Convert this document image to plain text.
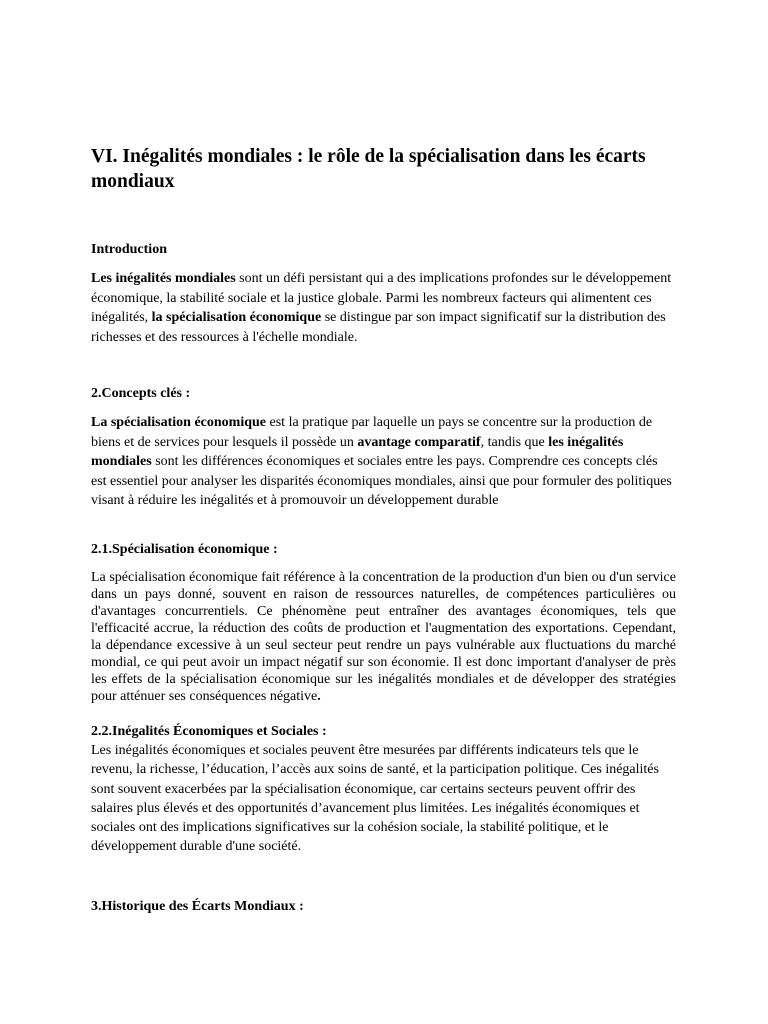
VI. Inégalités mondiales : le rôle de la spécialisation dans les écarts mondiaux
Introduction

Les inégalités mondiales sont un défi persistant qui a des implications profondes sur le développement économique, la stabilité sociale et la justice globale. Parmi les nombreux facteurs qui alimentent ces inégalités, la spécialisation économique se distingue par son impact significatif sur la distribution des richesses et des ressources à l'échelle mondiale.

2.Concepts clés :

La spécialisation économique est la pratique par laquelle un pays se concentre sur la production de biens et de services pour lesquels il possède un avantage comparatif, tandis que les inégalités mondiales sont les différences économiques et sociales entre les pays. Comprendre ces concepts clés est essentiel pour analyser les disparités économiques mondiales, ainsi que pour formuler des politiques visant à réduire les inégalités et à promouvoir un développement durable

2.1.Spécialisation économique :

La spécialisation économique fait référence à la concentration de la production d'un bien ou d'un service dans un pays donné, souvent en raison de ressources naturelles, de compétences particulières ou d'avantages concurrentiels. Ce phénomène peut entraîner des avantages économiques, tels que l'efficacité accrue, la réduction des coûts de production et l'augmentation des exportations. Cependant, la dépendance excessive à un seul secteur peut rendre un pays vulnérable aux fluctuations du marché mondial, ce qui peut avoir un impact négatif sur son économie. Il est donc important d'analyser de près les effets de la spécialisation économique sur les inégalités mondiales et de développer des stratégies pour atténuer ses conséquences négative.

2.2.Inégalités Économiques et Sociales :

Les inégalités économiques et sociales peuvent être mesurées par différents indicateurs tels que le revenu, la richesse, l’éducation, l’accès aux soins de santé, et la participation politique. Ces inégalités sont souvent exacerbées par la spécialisation économique, car certains secteurs peuvent offrir des salaires plus élevés et des opportunités d’avancement plus limitées. Les inégalités économiques et sociales ont des implications significatives sur la cohésion sociale, la stabilité politique, et le développement durable d'une société.

3.Historique des Écarts Mondiaux :
